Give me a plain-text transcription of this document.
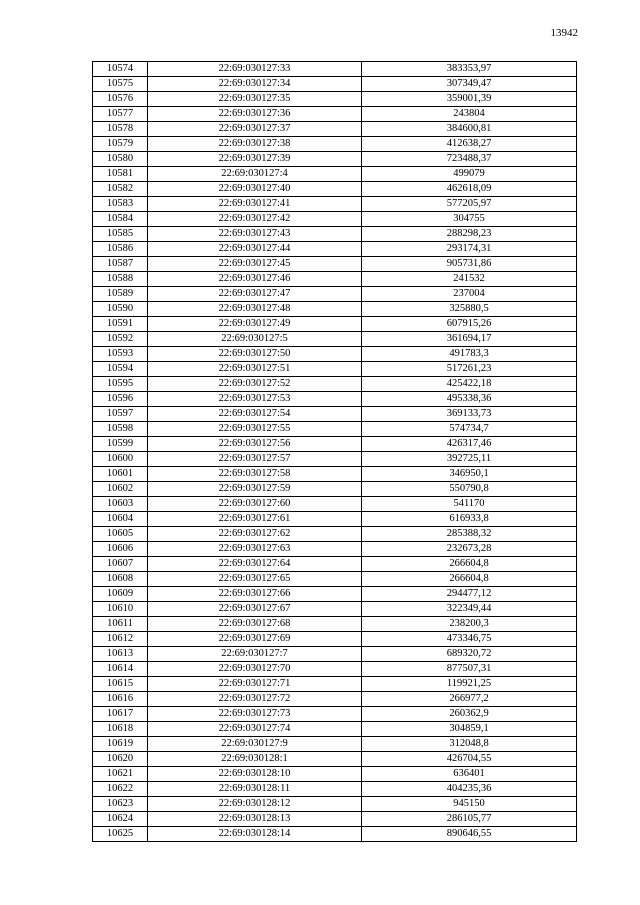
13942
10574	22:69:030127:33	383353,97
10575	22:69:030127:34	307349,47
10576	22:69:030127:35	359001,39
10577	22:69:030127:36	243804
10578	22:69:030127:37	384600,81
10579	22:69:030127:38	412638,27
10580	22:69:030127:39	723488,37
10581	22:69:030127:4	499079
10582	22:69:030127:40	462618,09
10583	22:69:030127:41	577205,97
10584	22:69:030127:42	304755
10585	22:69:030127:43	288298,23
10586	22:69:030127:44	293174,31
10587	22:69:030127:45	905731,86
10588	22:69:030127:46	241532
10589	22:69:030127:47	237004
10590	22:69:030127:48	325880,5
10591	22:69:030127:49	607915,26
10592	22:69:030127:5	361694,17
10593	22:69:030127:50	491783,3
10594	22:69:030127:51	517261,23
10595	22:69:030127:52	425422,18
10596	22:69:030127:53	495338,36
10597	22:69:030127:54	369133,73
10598	22:69:030127:55	574734,7
10599	22:69:030127:56	426317,46
10600	22:69:030127:57	392725,11
10601	22:69:030127:58	346950,1
10602	22:69:030127:59	550790,8
10603	22:69:030127:60	541170
10604	22:69:030127:61	616933,8
10605	22:69:030127:62	285388,32
10606	22:69:030127:63	232673,28
10607	22:69:030127:64	266604,8
10608	22:69:030127:65	266604,8
10609	22:69:030127:66	294477,12
10610	22:69:030127:67	322349,44
10611	22:69:030127:68	238200,3
10612	22:69:030127:69	473346,75
10613	22:69:030127:7	689320,72
10614	22:69:030127:70	877507,31
10615	22:69:030127:71	119921,25
10616	22:69:030127:72	266977,2
10617	22:69:030127:73	260362,9
10618	22:69:030127:74	304859,1
10619	22:69:030127:9	312048,8
10620	22:69:030128:1	426704,55
10621	22:69:030128:10	636401
10622	22:69:030128:11	404235,36
10623	22:69:030128:12	945150
10624	22:69:030128:13	286105,77
10625	22:69:030128:14	890646,55
